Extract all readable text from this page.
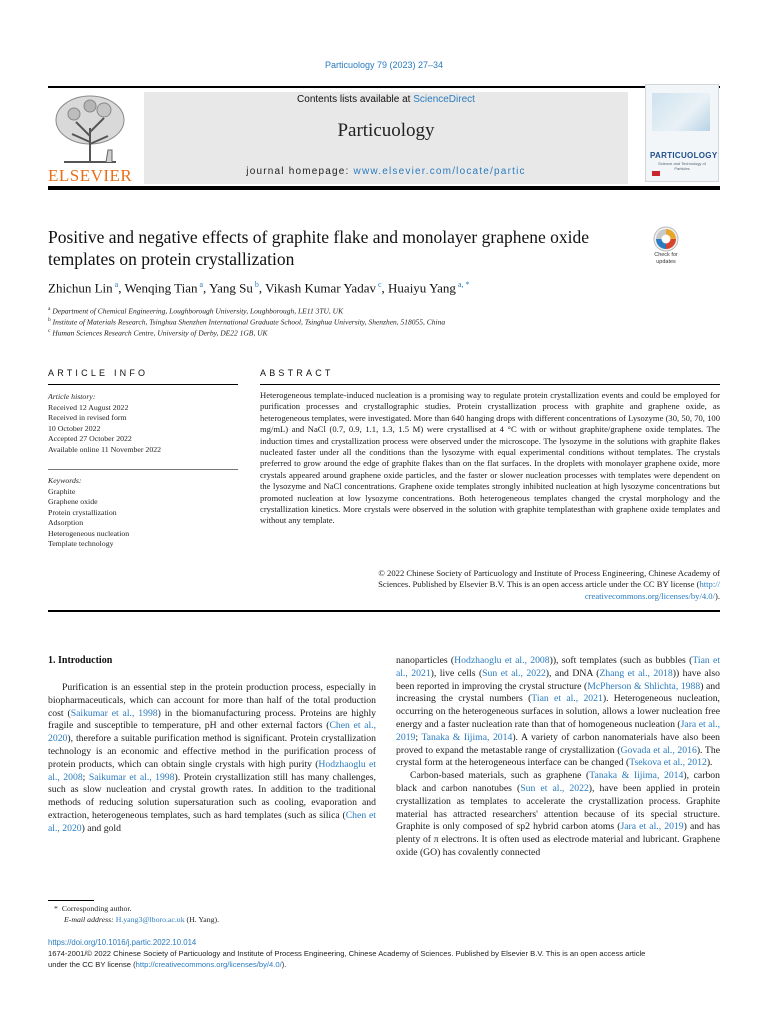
Particuology 79 (2023) 27–34
ELSEVIER
Contents lists available at ScienceDirect
Particuology
journal homepage: www.elsevier.com/locate/partic
PARTICUOLOGY
Science and Technology of Particles
Positive and negative effects of graphite flake and monolayer graphene oxide templates on protein crystallization	Check for
updates
Zhichun Lin $^a$, Wenqing Tian $^a$, Yang Su $^b$, Vikash Kumar Yadav $^c$, Huaiyu Yang $^{a, *}$
$^a$ Department of Chemical Engineering, Loughborough University, Loughborough, LE11 3TU, UK
$^b$ Institute of Materials Research, Tsinghua Shenzhen International Graduate School, Tsinghua University, Shenzhen, 518055, China
$^c$ Human Sciences Research Centre, University of Derby, DE22 1GB, UK
ARTICLE INFO
Article history:
Received 12 August 2022
Received in revised form
10 October 2022
Accepted 27 October 2022
Available online 11 November 2022
Keywords:
Graphite
Graphene oxide
Protein crystallization
Adsorption
Heterogeneous nucleation
Template technology
ABSTRACT
Heterogeneous template-induced nucleation is a promising way to regulate protein crystallization events and could be employed for purification processes and crystallographic studies. Protein crystallization process with graphite and graphene oxide, as heterogeneous templates, were investigated. More than 640 hanging drops with different concentrations of Lysozyme (30, 50, 70, 100 mg/mL) and NaCl (0.7, 0.9, 1.1, 1.3, 1.5 M) were crystallised at 4 °C with or without graphite/graphene oxide templates. The induction times and crystallization process were observed under the microscope. The lysozyme in the solutions with graphite flakes nucleated faster under all the conditions than the lysozyme with equal experimental conditions without templates. The crystals preferred to grow around the edge of graphite flakes than on the flat surfaces. In the droplets with monolayer graphene oxide, more crystals appeared around graphene oxide particles, and the faster or slower nucleation processes with templates were dependent on the lysozyme and NaCl concentrations. Graphene oxide templates strongly inhibited nucleation at high lysozyme concentrations but promoted nucleation at low lysozyme concentrations. Both heterogeneous templates changed the crystal morphology and the crystallization kinetics. More crystals were observed in the solution with graphite templatesthan with graphene oxide templates and without any template.
© 2022 Chinese Society of Particuology and Institute of Process Engineering, Chinese Academy of
Sciences. Published by Elsevier B.V. This is an open access article under the CC BY license (http://
creativecommons.org/licenses/by/4.0/).
1. Introduction

Purification is an essential step in the protein production process, especially in biopharmaceuticals, which can account for more than half of the total production cost (Saikumar et al., 1998) in the biomanufacturing process. Proteins are highly fragile and susceptible to temperature, pH and other external factors (Chen et al., 2020), therefore a suitable purification method is significant. Protein crystallization technology is an economic and effective method in the purification process of protein products, which can obtain single crystals with high purity (Hodzhaoglu et al., 2008; Saikumar et al., 1998). Protein crystallization still has many challenges, such as slow nucleation and crystal growth rates. In addition to the traditional methods of reducing solution supersaturation such as cooling, evaporation and extraction, heterogeneous templates, such as hard templates (such as silica (Chen et al., 2020) and gold

nanoparticles (Hodzhaoglu et al., 2008)), soft templates (such as bubbles (Tian et al., 2021), live cells (Sun et al., 2022), and DNA (Zhang et al., 2018)) have also been reported in improving the crystal structure (McPherson & Shlichta, 1988) and increasing the crystal numbers (Tian et al., 2021). Heterogeneous nucleation, occurring on the heterogeneous surfaces in solution, allows a lower nucleation free energy and a faster nucleation rate than that of homogeneous nucleation (Jara et al., 2019; Tanaka & Iijima, 2014). A variety of carbon nanomaterials have also been proved to expand the metastable range of crystallization (Govada et al., 2016). The crystal form at the heterogeneous interface can be changed (Tsekova et al., 2012).

Carbon-based materials, such as graphene (Tanaka & Iijima, 2014), carbon black and carbon nanotubes (Sun et al., 2022), have been applied in protein crystallization as templates to accelerate the crystallization process. Graphite material has attracted researchers' attention because of its special structure. Graphite is only composed of sp2 hybrid carbon atoms (Jara et al., 2019) and has plenty of π electrons. It is often used as electrode material and lubricant. Graphene oxide (GO) has covalently connected

* Corresponding author.
E-mail address: H.yang3@lboro.ac.uk (H. Yang).
https://doi.org/10.1016/j.partic.2022.10.014
1674-2001/© 2022 Chinese Society of Particuology and Institute of Process Engineering, Chinese Academy of Sciences. Published by Elsevier B.V. This is an open access article
under the CC BY license (http://creativecommons.org/licenses/by/4.0/).
